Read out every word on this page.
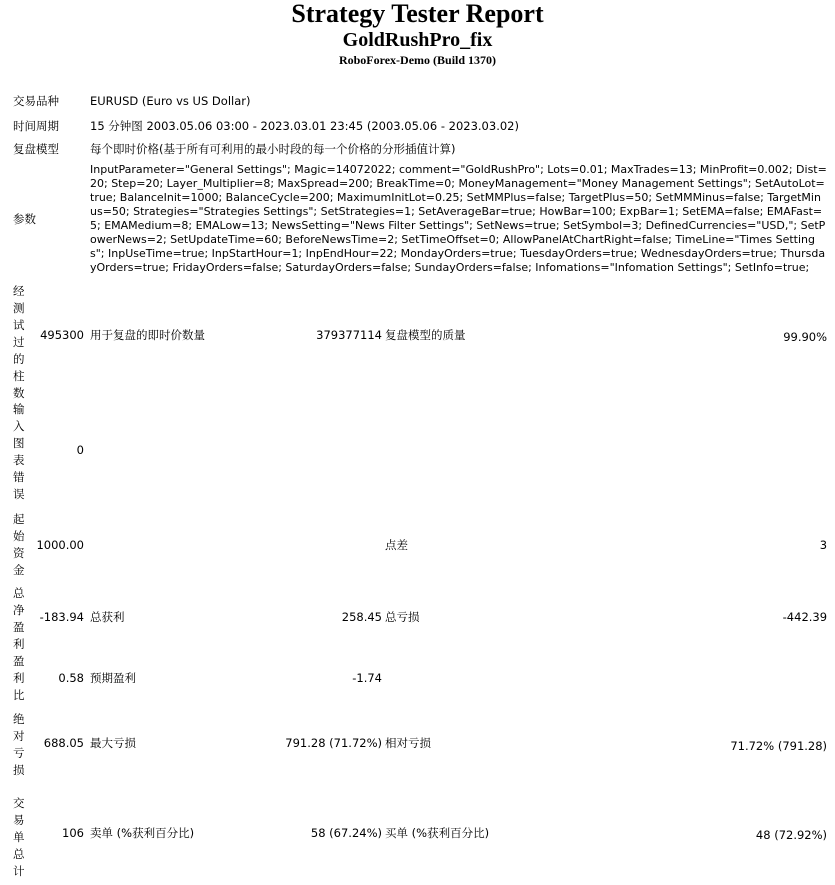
Strategy Tester Report
GoldRushPro_fix
RoboForex-Demo (Build 1370)
交易品种	EURUSD (Euro vs US Dollar)		
时间周期	15 分钟图 2003.05.06 03:00 - 2023.03.01 23:45 (2003.05.06 - 2023.03.02)		
复盘模型	每个即时价格(基于所有可利用的最小时段的每一个价格的分形插值计算)		
参数	InputParameter="General Settings"; Magic=14072022; comment="GoldRushPro"; Lots=0.01; MaxTrades=13; MinProfit=0.002; Dist=20; Step=20; Layer_Multiplier=8; MaxSpread=200; BreakTime=0; MoneyManagement="Money Management Settings"; SetAutoLot=true; BalanceInit=1000; BalanceCycle=200; MaximumInitLot=0.25; SetMMPlus=false; TargetPlus=50; SetMMMinus=false; TargetMinus=50; Strategies="Strategies Settings"; SetStrategies=1; SetAverageBar=true; HowBar=100; ExpBar=1; SetEMA=false; EMAFast=5; EMAMedium=8; EMALow=13; NewsSetting="News Filter Settings"; SetNews=true; SetSymbol=3; DefinedCurrencies="USD,"; SetPowerNews=2; SetUpdateTime=60; BeforeNewsTime=2; SetTimeOffset=0; AllowPanelAtChartRight=false; TimeLine="Times Settings"; InpUseTime=true; InpStartHour=1; InpEndHour=22; MondayOrders=true; TuesdayOrders=true; WednesdayOrders=true; ThursdayOrders=true; FridayOrders=false; SaturdayOrders=false; SundayOrders=false; Infomations="Infomation Settings"; SetInfo=true;		

经测试过的柱数
495300	用于复盘的即时价数量 379377114	复盘模型的质量	99.90%

输入图表错误
0			

起始资金
1000.00		点差	3

总净盈利
-183.94	总获利 258.45	总亏损	-442.39

盈利比
0.58	预期盈利 -1.74		

绝对亏损
688.05	最大亏损 791.28 (71.72%)	相对亏损	71.72% (791.28)

交易单总计
106	卖单 (%获利百分比) 58 (67.24%)	买单 (%获利百分比)	48 (72.92%)
